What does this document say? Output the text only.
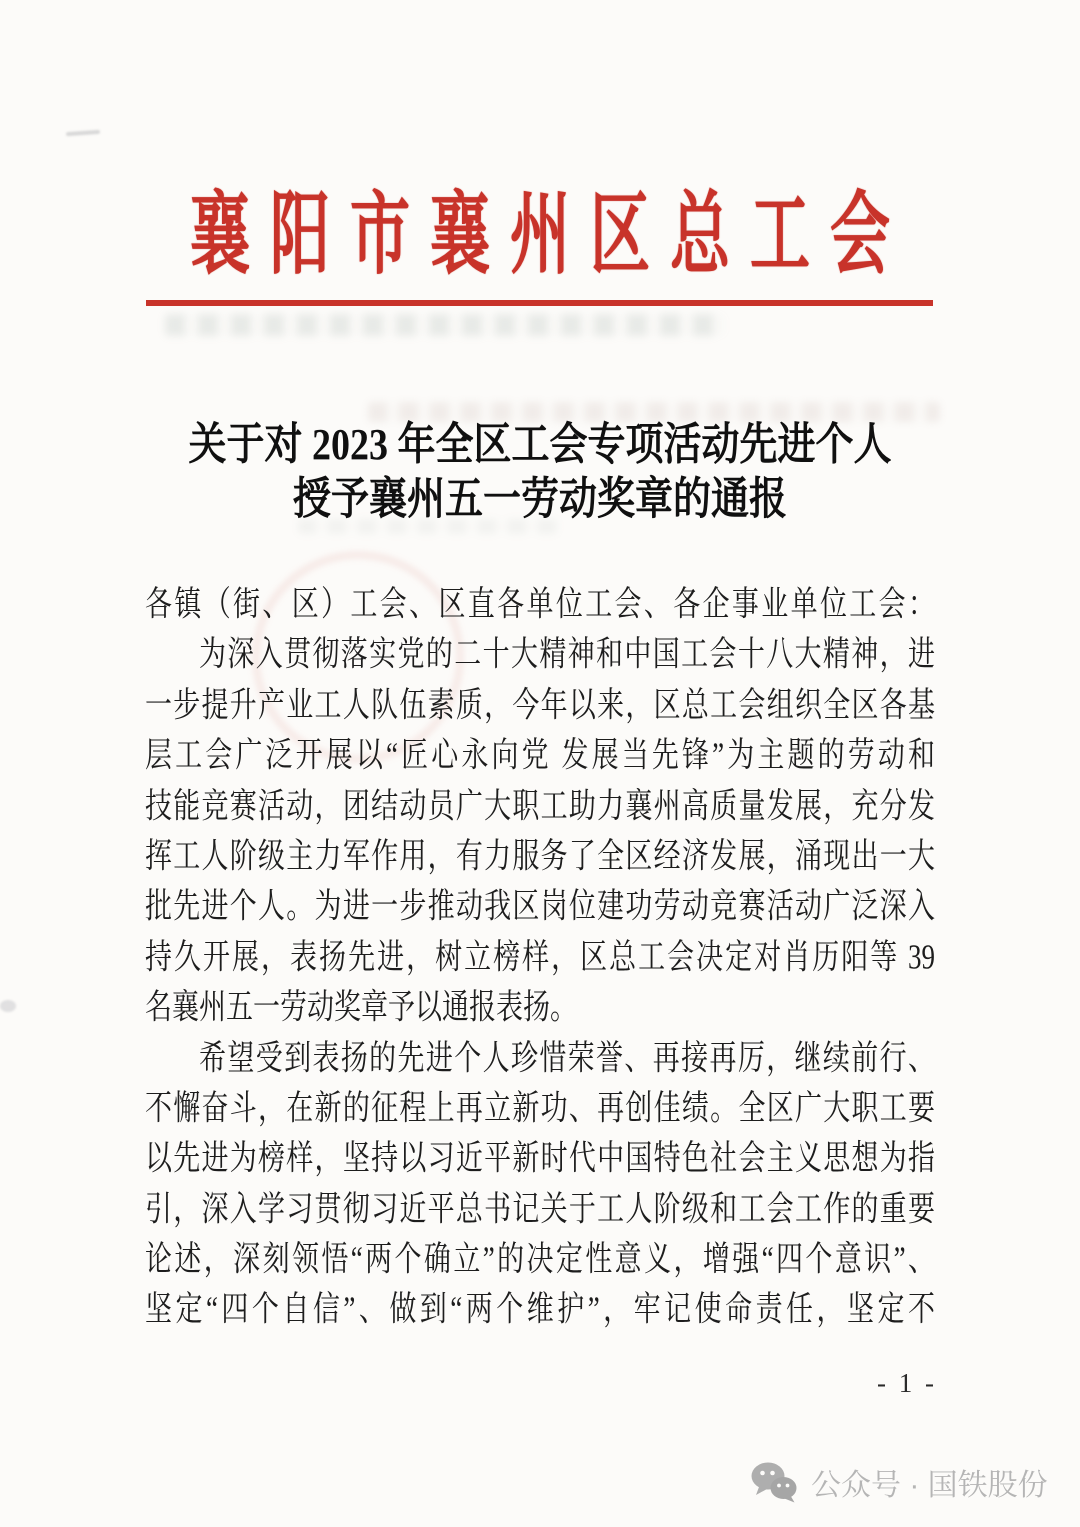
襄阳市襄州区总工会
关于对 2023 年全区工会专项活动先进个人
授予襄州五一劳动奖章的通报
各镇（街、区）工会、区直各单位工会、各企事业单位工会：
为深入贯彻落实党的二十大精神和中国工会十八大精神，进
一步提升产业工人队伍素质，今年以来，区总工会组织全区各基
层工会广泛开展以“匠心永向党 发展当先锋”为主题的劳动和
技能竞赛活动，团结动员广大职工助力襄州高质量发展，充分发
挥工人阶级主力军作用，有力服务了全区经济发展，涌现出一大
批先进个人。为进一步推动我区岗位建功劳动竞赛活动广泛深入
持久开展，表扬先进，树立榜样，区总工会决定对肖历阳等 39
名襄州五一劳动奖章予以通报表扬。
希望受到表扬的先进个人珍惜荣誉、再接再厉，继续前行、
不懈奋斗，在新的征程上再立新功、再创佳绩。全区广大职工要
以先进为榜样，坚持以习近平新时代中国特色社会主义思想为指
引，深入学习贯彻习近平总书记关于工人阶级和工会工作的重要
论述，深刻领悟“两个确立”的决定性意义，增强“四个意识”、
坚定“四个自信”、做到“两个维护”，牢记使命责任，坚定不
- 1 -
公众号 · 国铁股份
